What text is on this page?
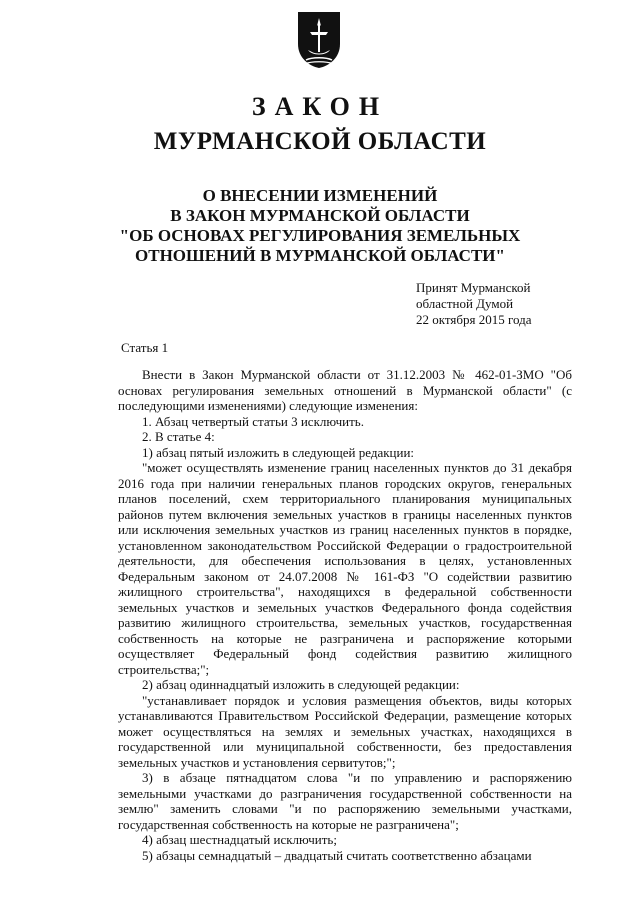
ЗАКОН
МУРМАНСКОЙ ОБЛАСТИ
О ВНЕСЕНИИ ИЗМЕНЕНИЙ
В ЗАКОН МУРМАНСКОЙ ОБЛАСТИ
"ОБ ОСНОВАХ РЕГУЛИРОВАНИЯ ЗЕМЕЛЬНЫХ
ОТНОШЕНИЙ В МУРМАНСКОЙ ОБЛАСТИ"
Принят Мурманской
областной Думой
22 октября 2015 года
Статья 1

Внести в Закон Мурманской области от 31.12.2003 № 462-01-ЗМО "Об основах регулирования земельных отношений в Мурманской области" (с последующими изменениями) следующие изменения:

1. Абзац четвертый статьи 3 исключить.

2. В статье 4:

1) абзац пятый изложить в следующей редакции:

"может осуществлять изменение границ населенных пунктов до 31 декабря 2016 года при наличии генеральных планов городских округов, генеральных планов поселений, схем территориального планирования муниципальных районов путем включения земельных участков в границы населенных пунктов или исключения земельных участков из границ населенных пунктов в порядке, установленном законодательством Российской Федерации о градостроительной деятельности, для обеспечения использования в целях, установленных Федеральным законом от 24.07.2008 № 161-ФЗ "О содействии развитию жилищного строительства", находящихся в федеральной собственности земельных участков и земельных участков Федерального фонда содействия развитию жилищного строительства, земельных участков, государственная собственность на которые не разграничена и распоряжение которыми осуществляет Федеральный фонд содействия развитию жилищного строительства;";

2) абзац одиннадцатый изложить в следующей редакции:

"устанавливает порядок и условия размещения объектов, виды которых устанавливаются Правительством Российской Федерации, размещение которых может осуществляться на землях и земельных участках, находящихся в государственной или муниципальной собственности, без предоставления земельных участков и установления сервитутов;";

3) в абзаце пятнадцатом слова "и по управлению и распоряжению земельными участками до разграничения государственной собственности на землю" заменить словами "и по распоряжению земельными участками, государственная собственность на которые не разграничена";

4) абзац шестнадцатый исключить;

5) абзацы семнадцатый – двадцатый считать соответственно абзацами
